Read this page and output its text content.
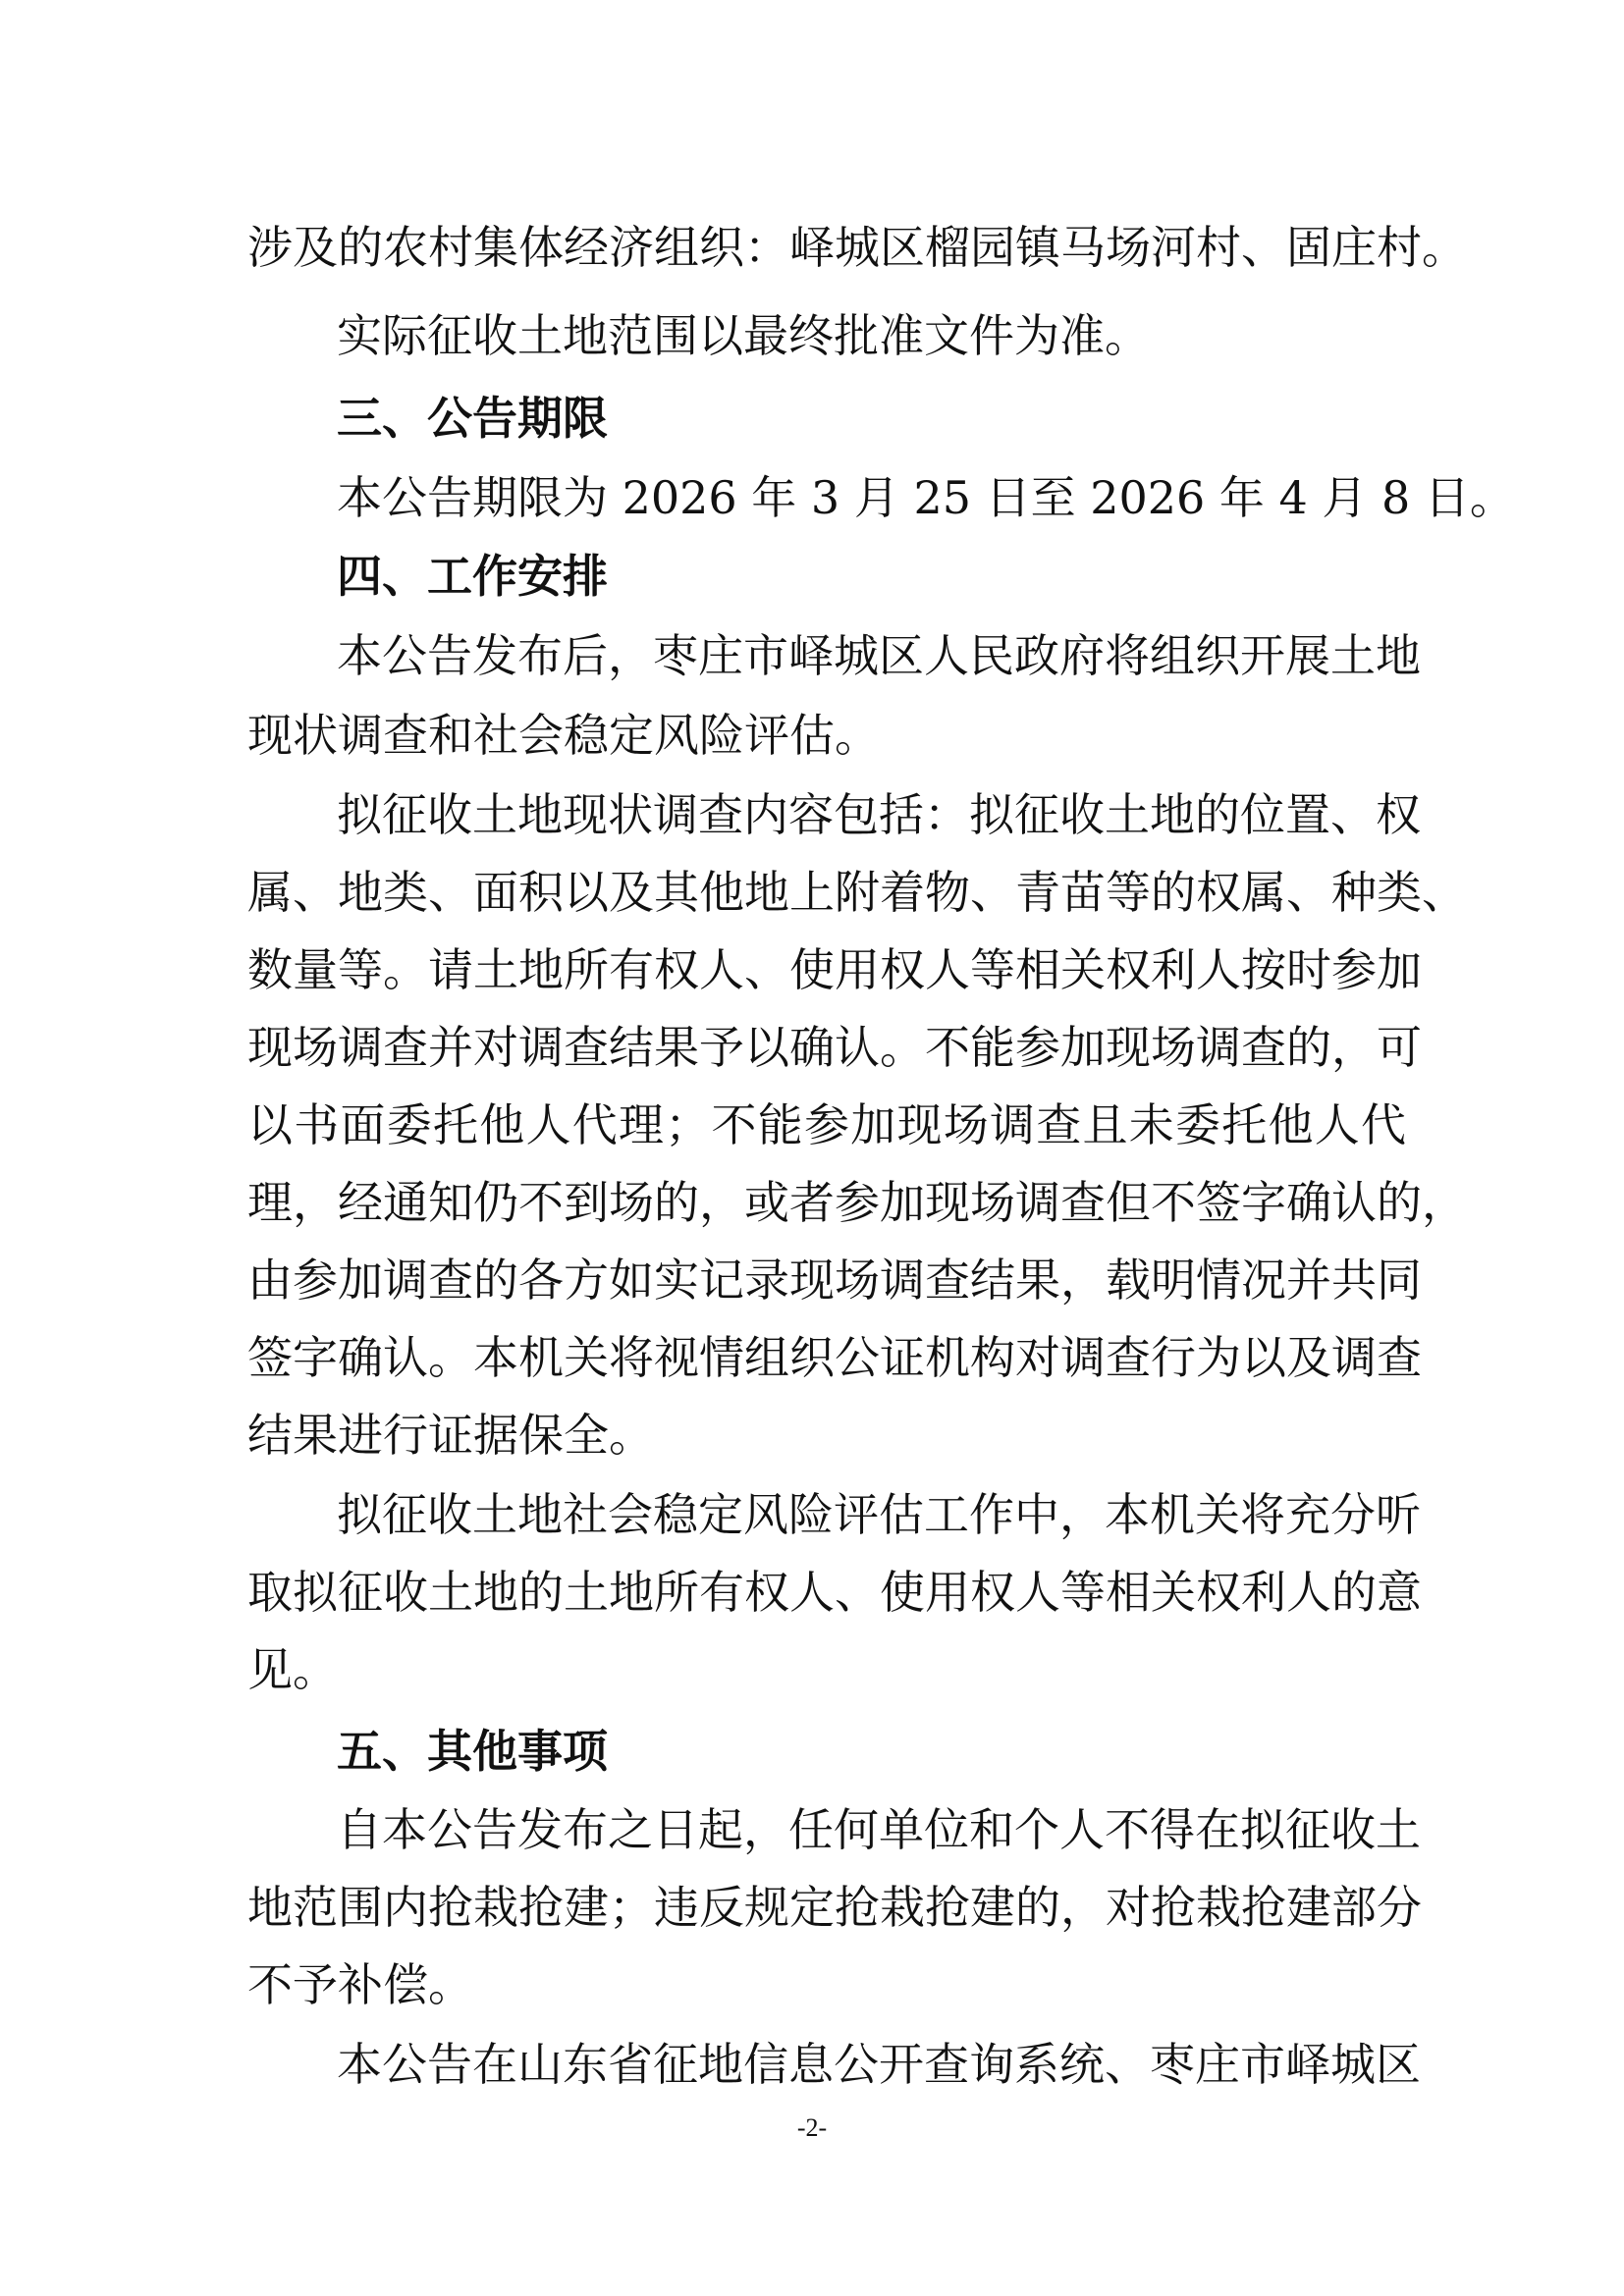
涉及的农村集体经济组织：峄城区榴园镇马场河村、固庄村。
实际征收土地范围以最终批准文件为准。
三、公告期限
本公告期限为 2026 年 3 月 25 日至 2026 年 4 月 8 日。
四、工作安排
本公告发布后，枣庄市峄城区人民政府将组织开展土地
现状调查和社会稳定风险评估。
拟征收土地现状调查内容包括：拟征收土地的位置、权
属、地类、面积以及其他地上附着物、青苗等的权属、种类、
数量等。请土地所有权人、使用权人等相关权利人按时参加
现场调查并对调查结果予以确认。不能参加现场调查的，可
以书面委托他人代理；不能参加现场调查且未委托他人代
理，经通知仍不到场的，或者参加现场调查但不签字确认的，
由参加调查的各方如实记录现场调查结果，载明情况并共同
签字确认。本机关将视情组织公证机构对调查行为以及调查
结果进行证据保全。
拟征收土地社会稳定风险评估工作中，本机关将充分听
取拟征收土地的土地所有权人、使用权人等相关权利人的意
见。
五、其他事项
自本公告发布之日起，任何单位和个人不得在拟征收土
地范围内抢栽抢建；违反规定抢栽抢建的，对抢栽抢建部分
不予补偿。
本公告在山东省征地信息公开查询系统、枣庄市峄城区
-2-
